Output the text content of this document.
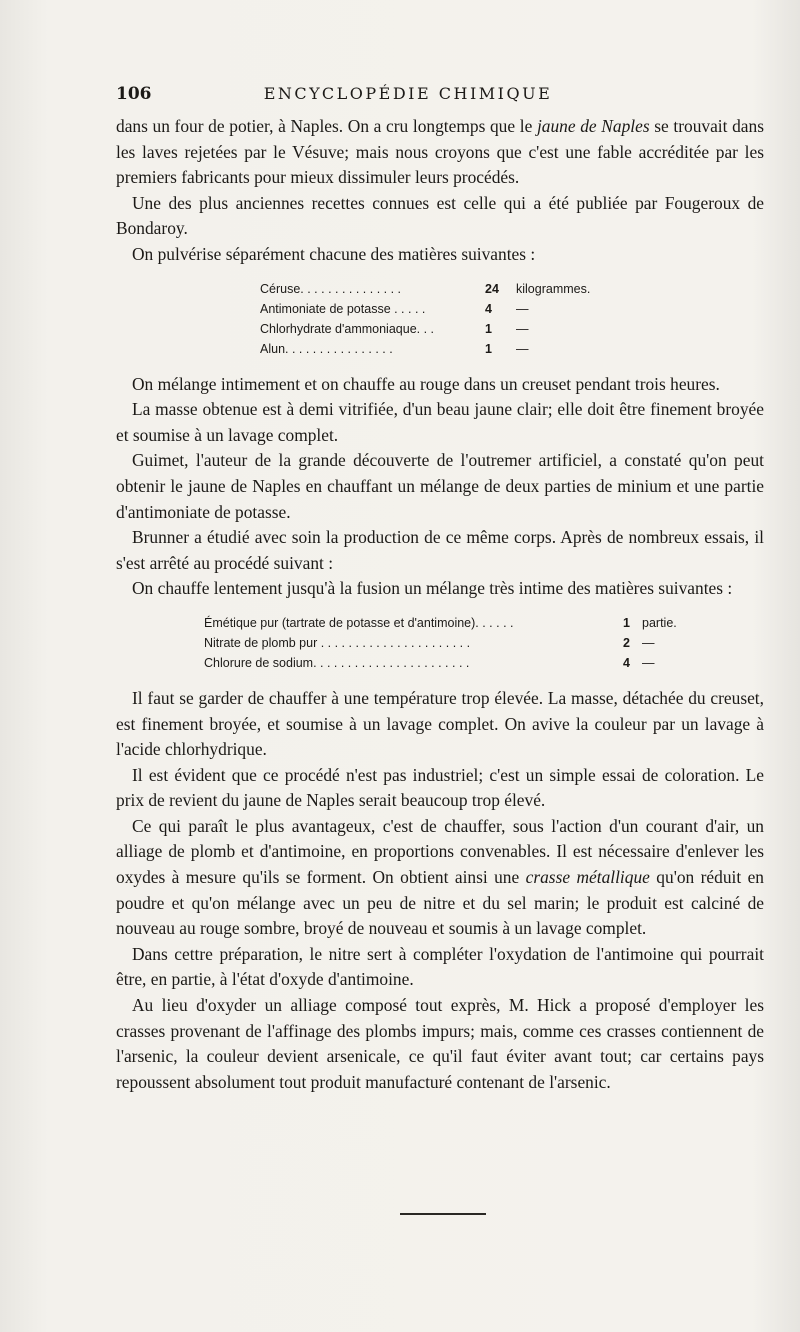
106	ENCYCLOPÉDIE CHIMIQUE

dans un four de potier, à Naples. On a cru longtemps que le jaune de Naples se trouvait dans les laves rejetées par le Vésuve; mais nous croyons que c'est une fable accréditée par les premiers fabricants pour mieux dissimuler leurs procédés.

Une des plus anciennes recettes connues est celle qui a été publiée par Fougeroux de Bondaroy.

On pulvérise séparément chacune des matières suivantes :

Céruse. . . . . . . . . . . . . . .	24 kilogrammes.
Antimoniate de potasse . . . . .	4 —
Chlorhydrate d'ammoniaque. . .	1 —
Alun. . . . . . . . . . . . . . . .	1 —

On mélange intimement et on chauffe au rouge dans un creuset pendant trois heures.

La masse obtenue est à demi vitrifiée, d'un beau jaune clair; elle doit être finement broyée et soumise à un lavage complet.

Guimet, l'auteur de la grande découverte de l'outremer artificiel, a constaté qu'on peut obtenir le jaune de Naples en chauffant un mélange de deux parties de minium et une partie d'antimoniate de potasse.

Brunner a étudié avec soin la production de ce même corps. Après de nombreux essais, il s'est arrêté au procédé suivant :

On chauffe lentement jusqu'à la fusion un mélange très intime des matières suivantes :

Émétique pur (tartrate de potasse et d'antimoine). . . . . .	1 partie.
Nitrate de plomb pur . . . . . . . . . . . . . . . . . . . . . .	2 —
Chlorure de sodium. . . . . . . . . . . . . . . . . . . . . . .	4 —

Il faut se garder de chauffer à une température trop élevée. La masse, détachée du creuset, est finement broyée, et soumise à un lavage complet. On avive la couleur par un lavage à l'acide chlorhydrique.

Il est évident que ce procédé n'est pas industriel; c'est un simple essai de coloration. Le prix de revient du jaune de Naples serait beaucoup trop élevé.

Ce qui paraît le plus avantageux, c'est de chauffer, sous l'action d'un courant d'air, un alliage de plomb et d'antimoine, en proportions convenables. Il est nécessaire d'enlever les oxydes à mesure qu'ils se forment. On obtient ainsi une crasse métallique qu'on réduit en poudre et qu'on mélange avec un peu de nitre et du sel marin; le produit est calciné de nouveau au rouge sombre, broyé de nouveau et soumis à un lavage complet.

Dans cettre préparation, le nitre sert à compléter l'oxydation de l'antimoine qui pourrait être, en partie, à l'état d'oxyde d'antimoine.

Au lieu d'oxyder un alliage composé tout exprès, M. Hick a proposé d'employer les crasses provenant de l'affinage des plombs impurs; mais, comme ces crasses contiennent de l'arsenic, la couleur devient arsenicale, ce qu'il faut éviter avant tout; car certains pays repoussent absolument tout produit manufacturé contenant de l'arsenic.
